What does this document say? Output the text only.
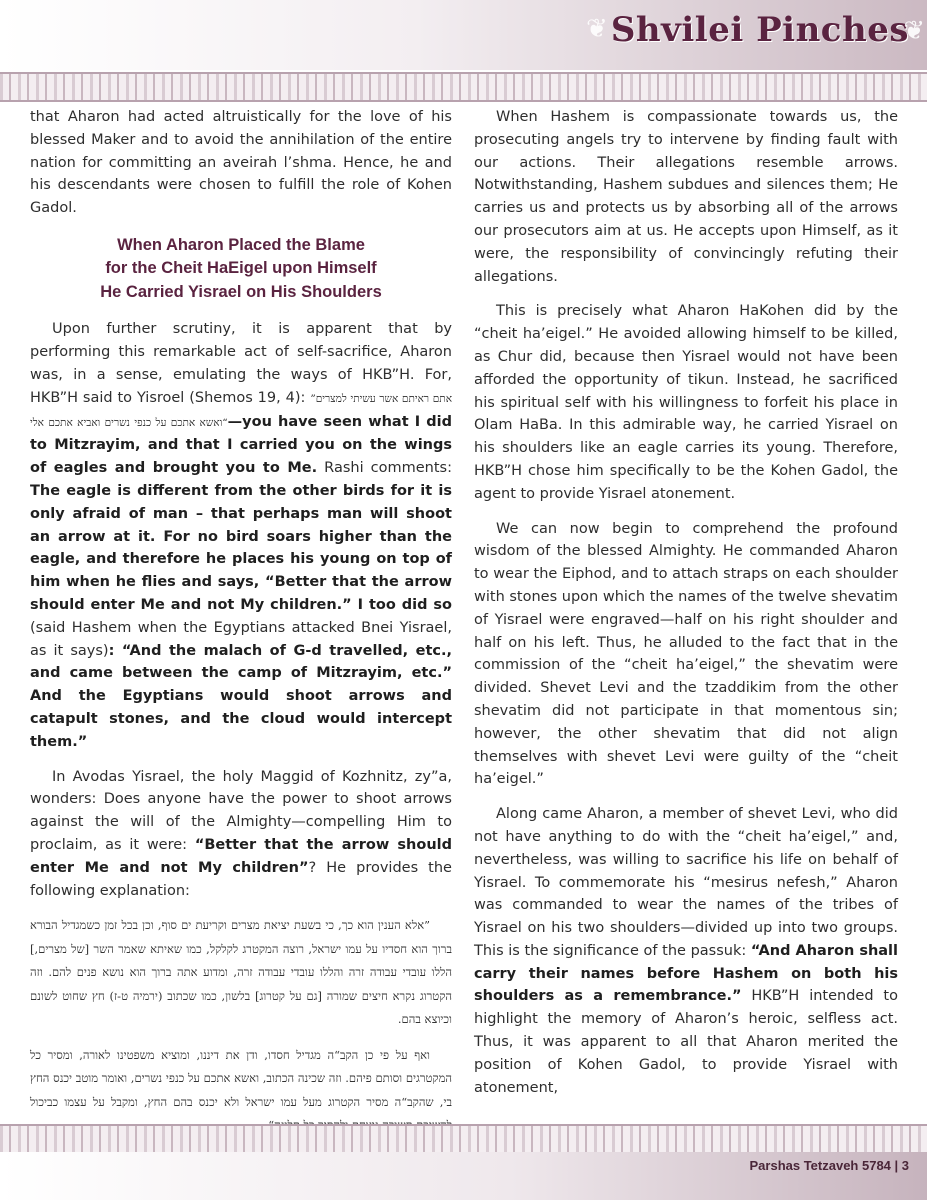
❦ Shvilei Pinches
❦

that Aharon had acted altruistically for the love of his blessed Maker and to avoid the annihilation of the entire nation for committing an aveirah l’shma. Hence, he and his descendants were chosen to fulfill the role of Kohen Gadol.

When Aharon Placed the Blame
for the Cheit HaEigel upon Himself
He Carried Yisrael on His Shoulders

Upon further scrutiny, it is apparent that by performing this remarkable act of self-sacrifice, Aharon was, in a sense, emulating the ways of HKB”H. For, HKB”H said to Yisroel (Shemos 19, 4): ”אתם ראיתם אשר עשיתי למצרים ואשא אתכם על כנפי נשרים ואביא אתכם אלי“—you have seen what I did to Mitzrayim, and that I carried you on the wings of eagles and brought you to Me. Rashi comments: The eagle is different from the other birds for it is only afraid of man – that perhaps man will shoot an arrow at it. For no bird soars higher than the eagle, and therefore he places his young on top of him when he flies and says, “Better that the arrow should enter Me and not My children.” I too did so (said Hashem when the Egyptians attacked Bnei Yisrael, as it says): “And the malach of G-d travelled, etc., and came between the camp of Mitzrayim, etc.” And the Egyptians would shoot arrows and catapult stones, and the cloud would intercept them.”

In Avodas Yisrael, the holy Maggid of Kozhnitz, zy”a, wonders: Does anyone have the power to shoot arrows against the will of the Almighty—compelling Him to proclaim, as it were: “Better that the arrow should enter Me and not My children”? He provides the following explanation:

”אלא הענין הוא כך, כי בשעת יציאת מצרים וקריעת ים סוף, וכן בכל זמן כשמגדיל הבורא ברוך הוא חסדיו על עמו ישראל, רוצה המקטרג לקלקל, כמו שאיתא שאמר השר [של מצרים,] הללו עובדי עבודה זרה והללו עובדי עבודה זרה, ומדוע אתה ברוך הוא נושא פנים להם. וזה הקטרוג נקרא חיצים שמורה [גם על קטרוג] בלשון, כמו שכתוב (ירמיה ט-ז) חץ שחוט לשונם וכיוצא בהם.

ואף על פי כן הקב“ה מגדיל חסדו, ודן את דיננו, ומוציא משפטינו לאורה, ומסיר כל המקטרגים וסותם פיהם. וזה שכינה הכתוב, ואשא אתכם על כנפי נשרים, ואומר מוטב יכנס החץ בי, שהקב“ה מסיר הקטרוג מעל עמו ישראל ולא יכנס בהם החץ, ומקבל על עצמו כביכול

When Hashem is compassionate towards us, the prosecuting angels try to intervene by finding fault with our actions. Their allegations resemble arrows. Notwithstanding, Hashem subdues and silences them; He carries us and protects us by absorbing all of the arrows our prosecutors aim at us. He accepts upon Himself, as it were, the responsibility of convincingly refuting their allegations.

This is precisely what Aharon HaKohen did by the “cheit ha’eigel.” He avoided allowing himself to be killed, as Chur did, because then Yisrael would not have been afforded the opportunity of tikun. Instead, he sacrificed his spiritual self with his willingness to forfeit his place in Olam HaBa. In this admirable way, he carried Yisrael on his shoulders like an eagle carries its young. Therefore, HKB”H chose him specifically to be the Kohen Gadol, the agent to provide Yisrael atonement.

We can now begin to comprehend the profound wisdom of the blessed Almighty. He commanded Aharon to wear the Eiphod, and to attach straps on each shoulder with stones upon which the names of the twelve shevatim of Yisrael were engraved—half on his right shoulder and half on his left. Thus, he alluded to the fact that in the commission of the “cheit ha’eigel,” the shevatim were divided. Shevet Levi and the tzaddikim from the other shevatim did not participate in that momentous sin; however, the other shevatim that did not align themselves with shevet Levi were guilty of the “cheit ha’eigel.”

Along came Aharon, a member of shevet Levi, who did not have anything to do with the “cheit ha’eigel,” and, nevertheless, was willing to sacrifice his life on behalf of Yisrael. To commemorate his “mesirus nefesh,” Aharon was commanded to wear the names of the tribes of Yisrael on his two shoulders—divided up into two groups. This is the significance of the passuk: “And Aharon shall carry their names before Hashem on both his shoulders as a remembrance.” HKB”H intended to highlight the memory of Aharon’s heroic, selfless act. Thus, it was apparent to all that Aharon merited the position of Kohen Gadol, to provide Yisrael with atonement,

Parshas Tetzaveh 5784 | 3
